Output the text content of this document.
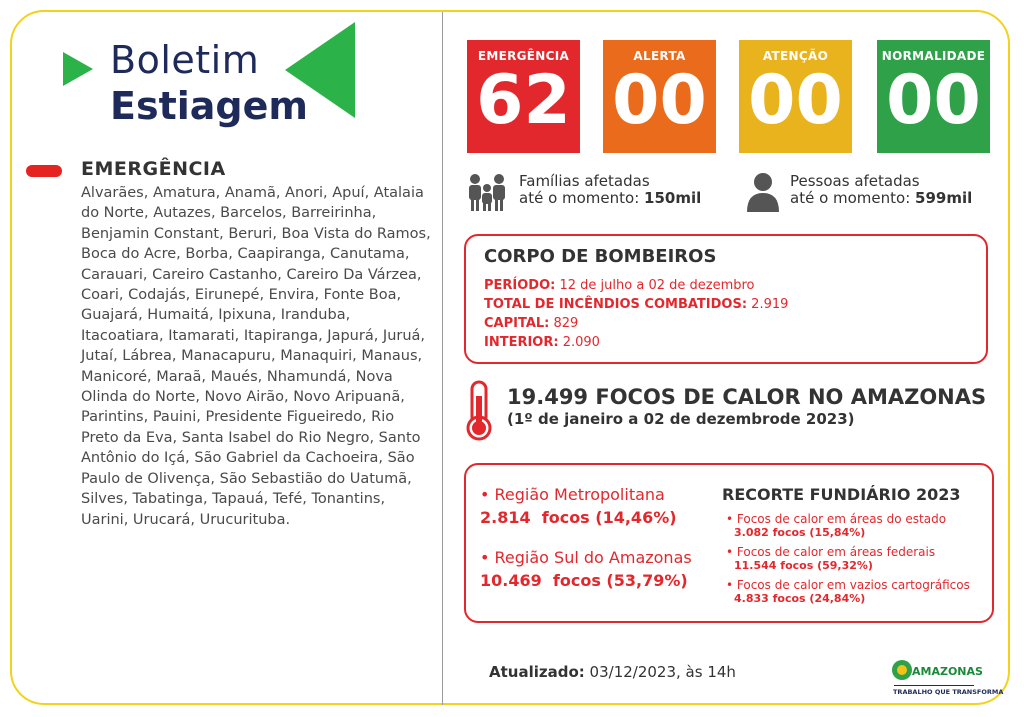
Boletim
Estiagem
EMERGÊNCIA
Alvarães, Amatura, Anamã, Anori, Apuí, Atalaia do Norte, Autazes, Barcelos, Barreirinha, Benjamin Constant, Beruri, Boa Vista do Ramos, Boca do Acre, Borba, Caapiranga, Canutama, Carauari, Careiro Castanho, Careiro Da Várzea, Coari, Codajás, Eirunepé, Envira, Fonte Boa, Guajará, Humaitá, Ipixuna, Iranduba, Itacoatiara, Itamarati, Itapiranga, Japurá, Juruá, Jutaí, Lábrea, Manacapuru, Manaquiri, Manaus, Manicoré, Maraã, Maués, Nhamundá, Nova Olinda do Norte, Novo Airão, Novo Aripuanã, Parintins, Pauini, Presidente Figueiredo, Rio Preto da Eva, Santa Isabel do Rio Negro, Santo Antônio do Içá, São Gabriel da Cachoeira, São Paulo de Olivença, São Sebastião do Uatumã, Silves, Tabatinga, Tapauá, Tefé, Tonantins, Uarini, Urucará, Urucurituba.
EMERGÊNCIA
62
ALERTA
00
ATENÇÃO
00
NORMALIDADE
00
Famílias afetadas
até o momento: 150mil
Pessoas afetadas
até o momento: 599mil
CORPO DE BOMBEIROS
PERÍODO: 12 de julho a 02 de dezembro
TOTAL DE INCÊNDIOS COMBATIDOS: 2.919
CAPITAL: 829
INTERIOR: 2.090
19.499 FOCOS DE CALOR NO AMAZONAS
(1º de janeiro a 02 de dezembrode 2023)
• Região Metropolitana
2.814 focos (14,46%)
• Região Sul do Amazonas
10.469 focos (53,79%)
RECORTE FUNDIÁRIO 2023
• Focos de calor em áreas do estado
3.082 focos (15,84%)
• Focos de calor em áreas federais
11.544 focos (59,32%)
• Focos de calor em vazios cartográficos
4.833 focos (24,84%)
Atualizado: 03/12/2023, às 14h	AMAZONAS
TRABALHO QUE TRANSFORMA
